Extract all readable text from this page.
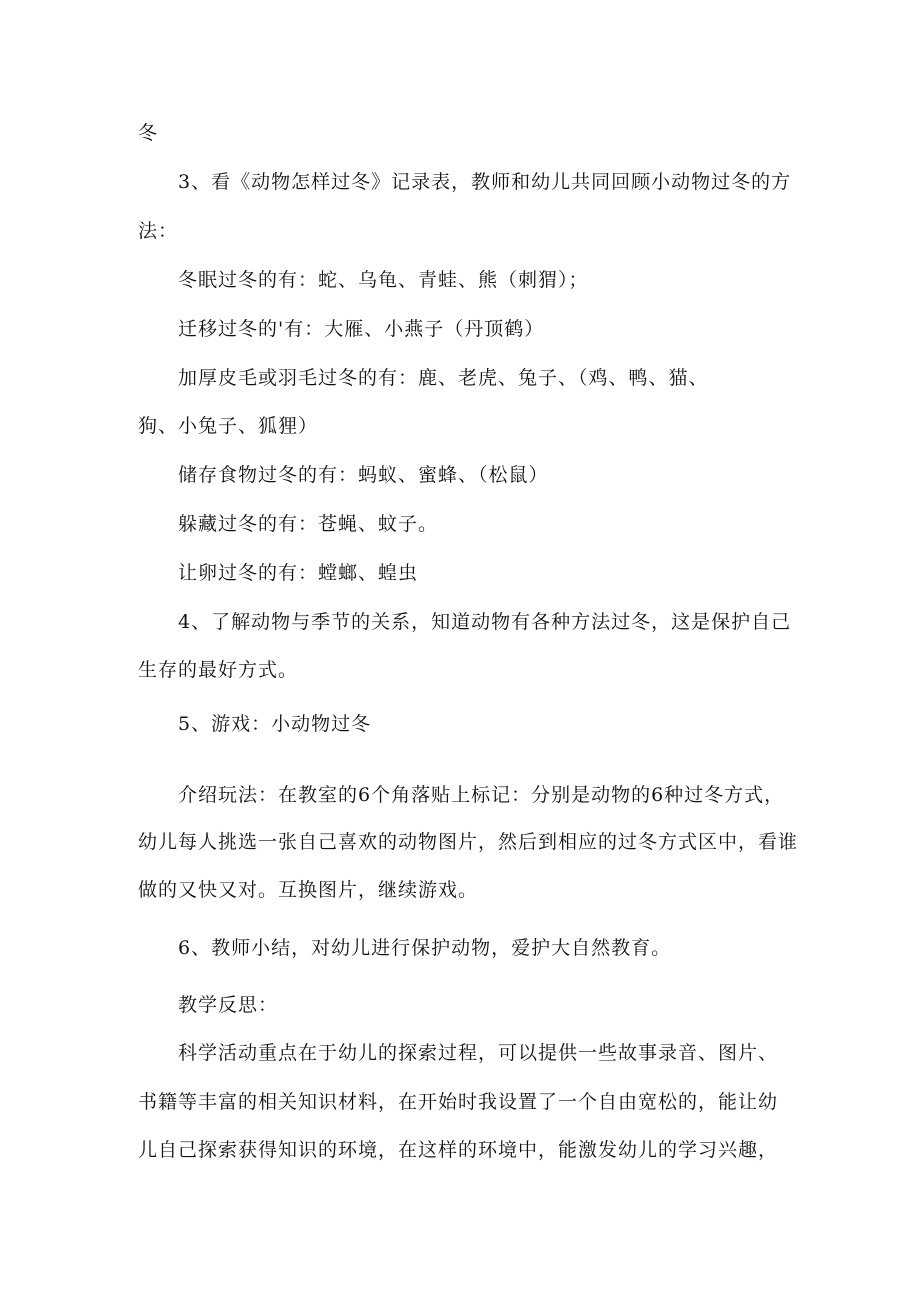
冬
3、看《动物怎样过冬》记录表，教师和幼儿共同回顾小动物过冬的方
法：
冬眠过冬的有：蛇、乌龟、青蛙、熊（刺猬）；
迁移过冬的'有：大雁、小燕子（丹顶鹤）
加厚皮毛或羽毛过冬的有：鹿、老虎、兔子、（鸡、鸭、猫、
狗、小兔子、狐狸）
储存食物过冬的有：蚂蚁、蜜蜂、（松鼠）
躲藏过冬的有：苍蝇、蚊子。
让卵过冬的有：螳螂、蝗虫
4、了解动物与季节的关系，知道动物有各种方法过冬，这是保护自己
生存的最好方式。
5、游戏：小动物过冬
介绍玩法：在教室的6个角落贴上标记：分别是动物的6种过冬方式，
幼儿每人挑选一张自己喜欢的动物图片，然后到相应的过冬方式区中，看谁
做的又快又对。互换图片，继续游戏。
6、教师小结，对幼儿进行保护动物，爱护大自然教育。
教学反思：
科学活动重点在于幼儿的探索过程，可以提供一些故事录音、图片、
书籍等丰富的相关知识材料，在开始时我设置了一个自由宽松的，能让幼
儿自己探索获得知识的环境，在这样的环境中，能激发幼儿的学习兴趣，
